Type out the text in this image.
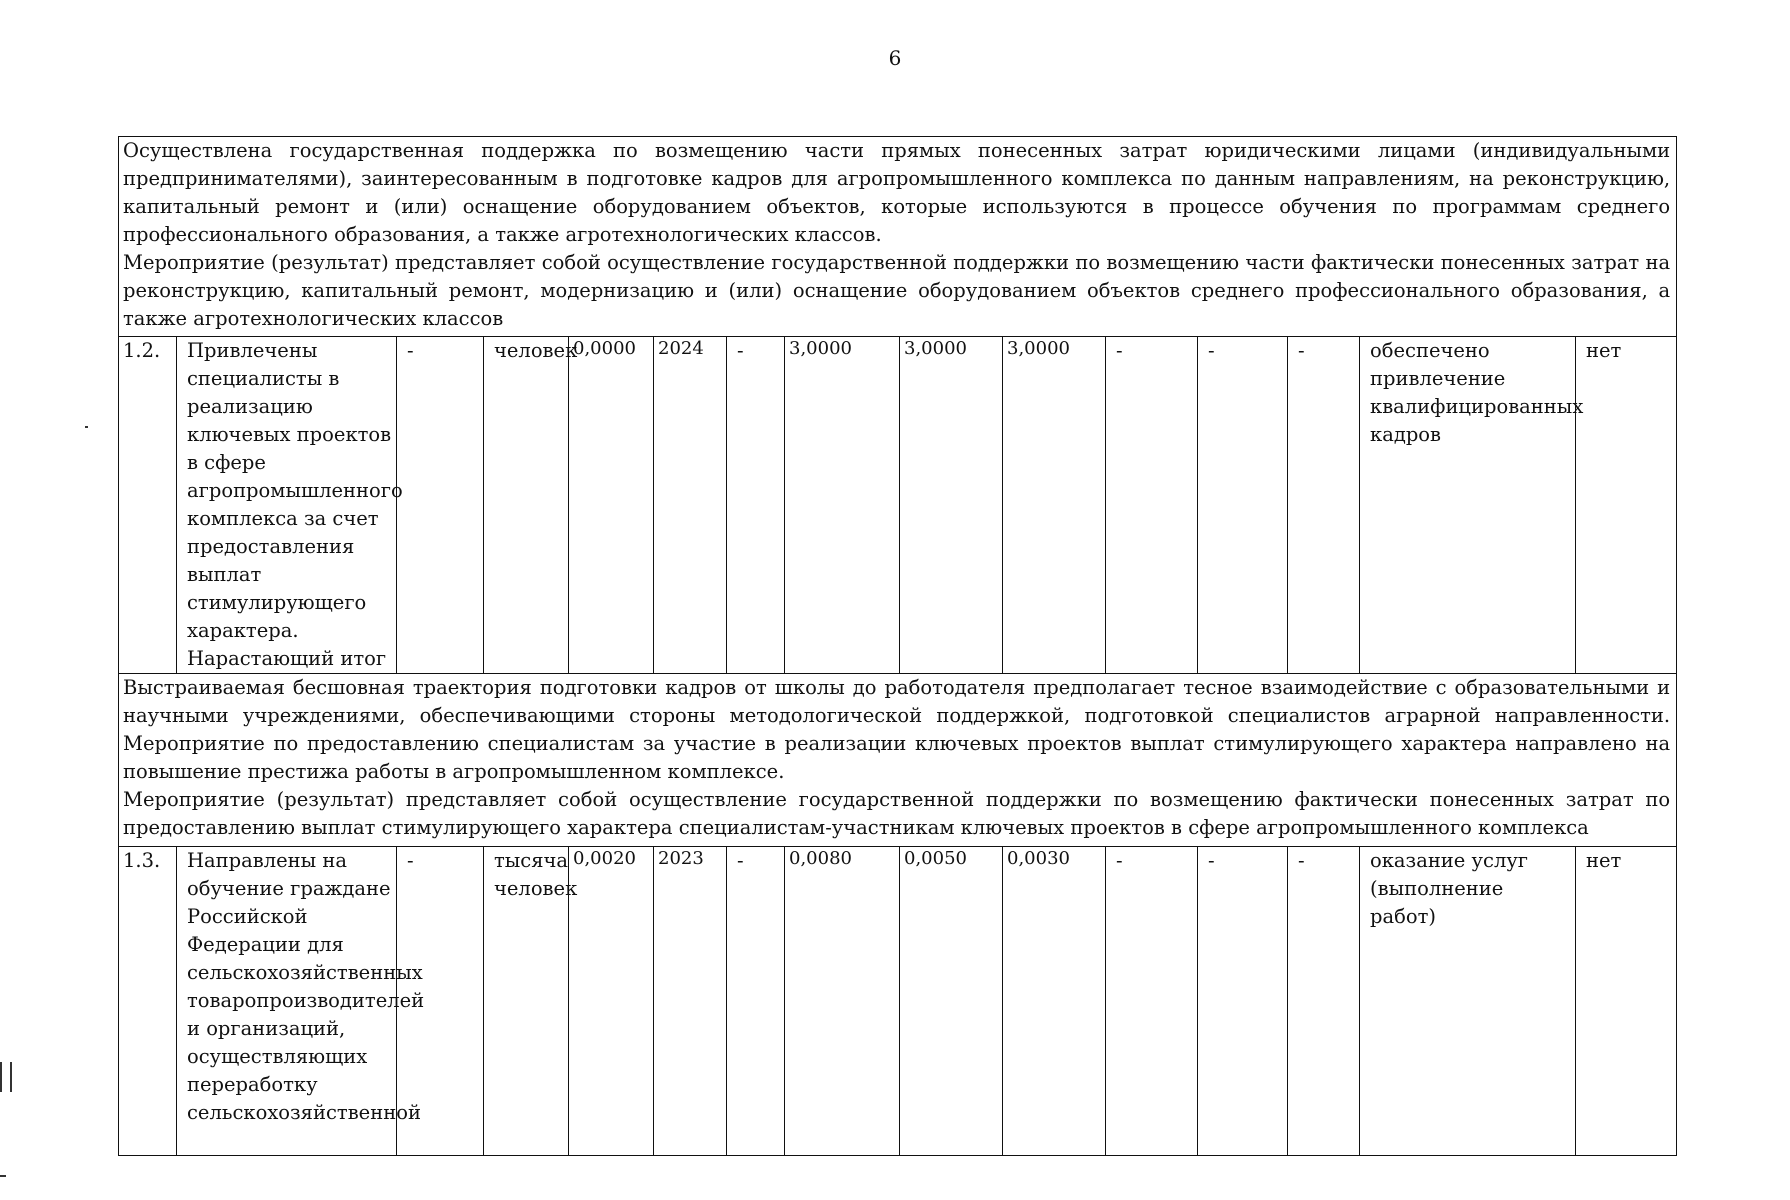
6

Осуществлена государственная поддержка по возмещению части прямых понесенных затрат юридическими лицами (индивидуальными предпринимателями), заинтересованным в подготовке кадров для агропромышленного комплекса по данным направлениям, на реконструкцию, капитальный ремонт и (или) оснащение оборудованием объектов, которые используются в процессе обучения по программам среднего профессионального образования, а также агротехнологических классов.

Мероприятие (результат) представляет собой осуществление государственной поддержки по возмещению части фактически понесенных затрат на реконструкцию, капитальный ремонт, модернизацию и (или) оснащение оборудованием объектов среднего профессионального образования, а также агротехнологических классов														

1.2.	Привлечены специалисты в реализацию ключевых проектов в сфере агропромышленного комплекса за счет предоставления выплат стимулирующего характера. Нарастающий итог	-	человек	0,0000	2024	-	3,0000	3,0000	3,0000	-	-	-	обеспечено привлечение квалифицированных кадров	нет

Выстраиваемая бесшовная траектория подготовки кадров от школы до работодателя предполагает тесное взаимодействие с образовательными и научными учреждениями, обеспечивающими стороны методологической поддержкой, подготовкой специалистов аграрной направленности. Мероприятие по предоставлению специалистам за участие в реализации ключевых проектов выплат стимулирующего характера направлено на повышение престижа работы в агропромышленном комплексе.

Мероприятие (результат) представляет собой осуществление государственной поддержки по возмещению фактически понесенных затрат по предоставлению выплат стимулирующего характера специалистам-участникам ключевых проектов в сфере агропромышленного комплекса														

1.3.	Направлены на обучение граждане Российской Федерации для сельскохозяйственных товаропроизводителей и организаций, осуществляющих переработку сельскохозяйственной	-	тысяча человек	0,0020	2023	-	0,0080	0,0050	0,0030	-	-	-	оказание услуг (выполнение работ)	нет
